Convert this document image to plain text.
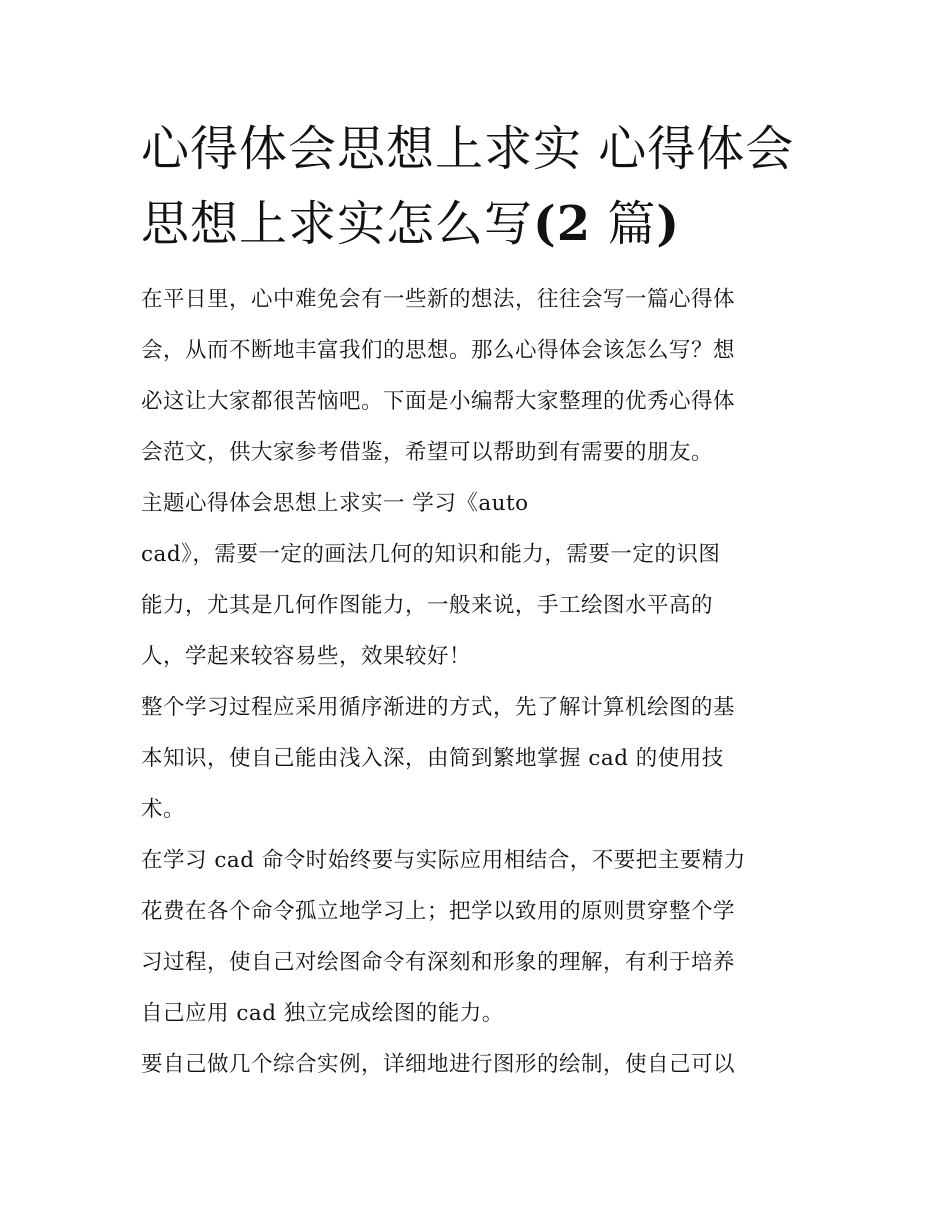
心得体会思想上求实 心得体会
思想上求实怎么写(2 篇)
在平日里，心中难免会有一些新的想法，往往会写一篇心得体
会，从而不断地丰富我们的思想。那么心得体会该怎么写？想
必这让大家都很苦恼吧。下面是小编帮大家整理的优秀心得体
会范文，供大家参考借鉴，希望可以帮助到有需要的朋友。
主题心得体会思想上求实一 学习《auto
cad》，需要一定的画法几何的知识和能力，需要一定的识图
能力，尤其是几何作图能力，一般来说，手工绘图水平高的
人，学起来较容易些，效果较好！
整个学习过程应采用循序渐进的方式，先了解计算机绘图的基
本知识，使自己能由浅入深，由简到繁地掌握 cad 的使用技
术。
在学习 cad 命令时始终要与实际应用相结合，不要把主要精力
花费在各个命令孤立地学习上；把学以致用的原则贯穿整个学
习过程，使自己对绘图命令有深刻和形象的理解，有利于培养
自己应用 cad 独立完成绘图的能力。
要自己做几个综合实例，详细地进行图形的绘制，使自己可以
